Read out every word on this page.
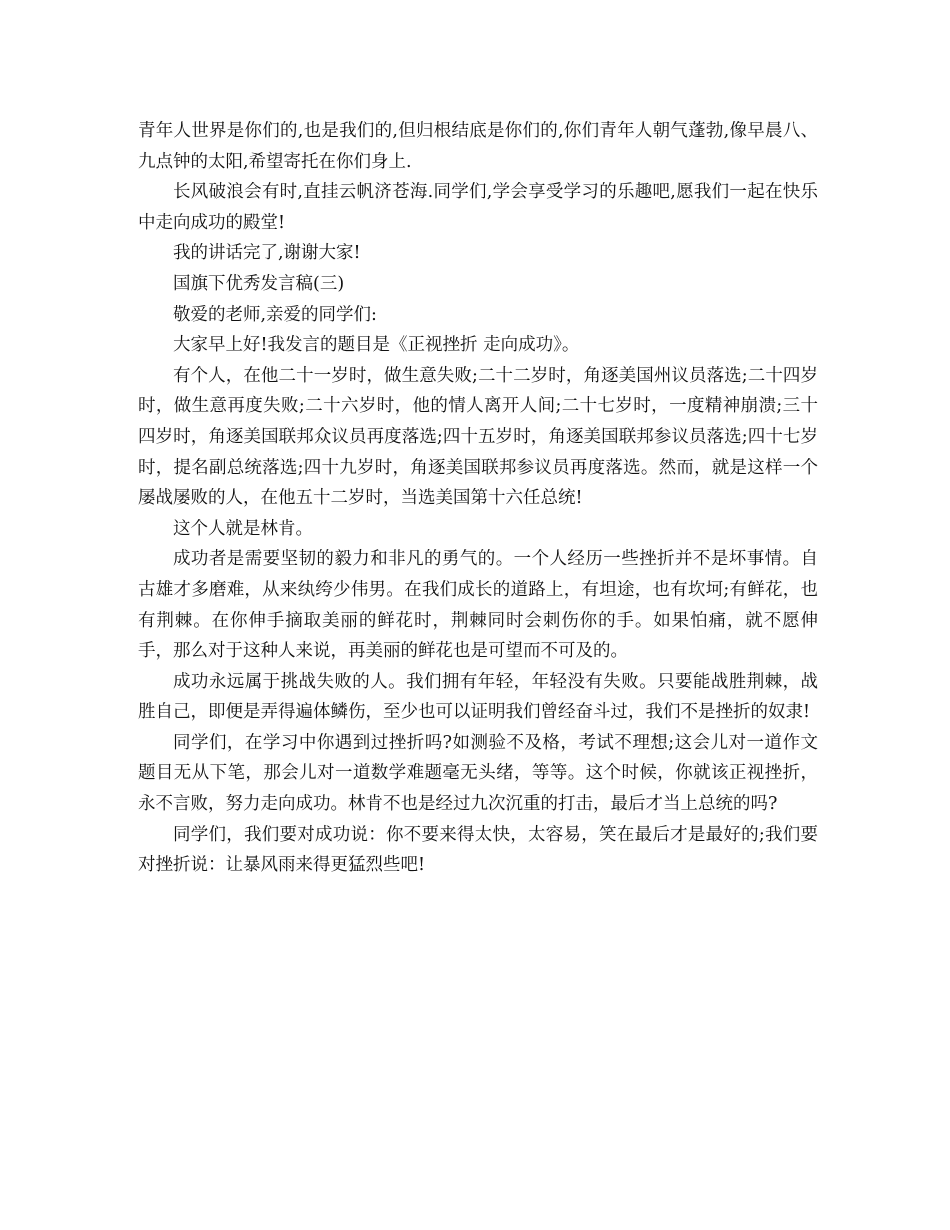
青年人世界是你们的,也是我们的,但归根结底是你们的,你们青年人朝气蓬勃,像早晨八、九点钟的太阳,希望寄托在你们身上.

长风破浪会有时,直挂云帆济苍海.同学们,学会享受学习的乐趣吧,愿我们一起在快乐中走向成功的殿堂!

我的讲话完了,谢谢大家!

国旗下优秀发言稿(三)

敬爱的老师,亲爱的同学们:

大家早上好!我发言的题目是《正视挫折 走向成功》。

有个人，在他二十一岁时，做生意失败;二十二岁时，角逐美国州议员落选;二十四岁时，做生意再度失败;二十六岁时，他的情人离开人间;二十七岁时，一度精神崩溃;三十四岁时，角逐美国联邦众议员再度落选;四十五岁时，角逐美国联邦参议员落选;四十七岁时，提名副总统落选;四十九岁时，角逐美国联邦参议员再度落选。然而，就是这样一个屡战屡败的人，在他五十二岁时，当选美国第十六任总统!

这个人就是林肯。

成功者是需要坚韧的毅力和非凡的勇气的。一个人经历一些挫折并不是坏事情。自古雄才多磨难，从来纨绔少伟男。在我们成长的道路上，有坦途，也有坎坷;有鲜花，也有荆棘。在你伸手摘取美丽的鲜花时，荆棘同时会刺伤你的手。如果怕痛，就不愿伸手，那么对于这种人来说，再美丽的鲜花也是可望而不可及的。

成功永远属于挑战失败的人。我们拥有年轻，年轻没有失败。只要能战胜荆棘，战胜自己，即便是弄得遍体鳞伤，至少也可以证明我们曾经奋斗过，我们不是挫折的奴隶!

同学们，在学习中你遇到过挫折吗?如测验不及格，考试不理想;这会儿对一道作文题目无从下笔，那会儿对一道数学难题毫无头绪，等等。这个时候，你就该正视挫折，永不言败，努力走向成功。林肯不也是经过九次沉重的打击，最后才当上总统的吗?

同学们，我们要对成功说：你不要来得太快，太容易，笑在最后才是最好的;我们要对挫折说：让暴风雨来得更猛烈些吧!
